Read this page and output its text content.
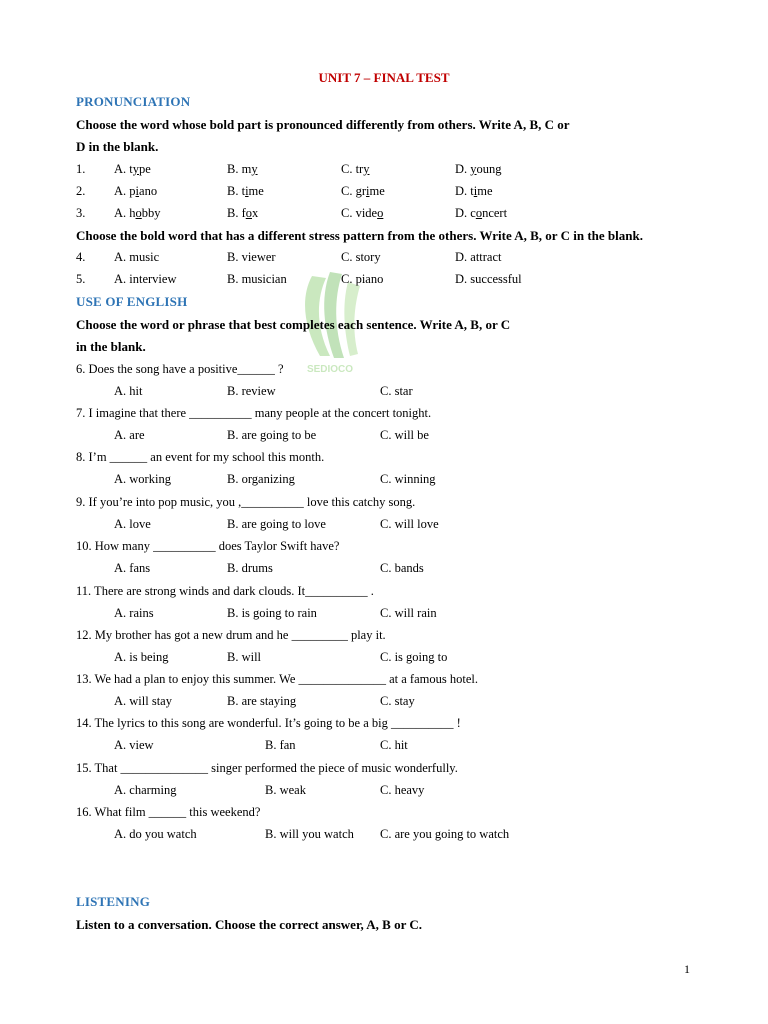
SEDIOCO
UNIT 7 – FINAL TEST
PRONUNCIATION
Choose the word whose bold part is pronounced differently from others. Write A, B, C or
D in the blank.
1. A. type	B. my	C. try	D. young
2. A. piano	B. time	C. grime	D. time
3. A. hobby	B. fox	C. video	D. concert
Choose the bold word that has a different stress pattern from the others. Write A, B, or C in the blank.
4. A. music	B. viewer	C. story	D. attract
5. A. interview	B. musician	C. piano	D. successful
USE OF ENGLISH
Choose the word or phrase that best completes each sentence. Write A, B, or C
in the blank.
6. Does the song have a positive______ ?
A. hit	B. review	C. star
7. I imagine that there __________ many people at the concert tonight.
A. are	B. are going to be	C. will be
8. I’m ______ an event for my school this month.
A. working	B. organizing	C. winning
9. If you’re into pop music, you ,__________ love this catchy song.
A. love	B. are going to love	C. will love
10. How many __________ does Taylor Swift have?
A. fans	B. drums	C. bands
11. There are strong winds and dark clouds. It__________ .
A. rains	B. is going to rain	C. will rain
12. My brother has got a new drum and he _________ play it.
A. is being	B. will	C. is going to
13. We had a plan to enjoy this summer. We ______________ at a famous hotel.
A. will stay	B. are staying	C. stay
14. The lyrics to this song are wonderful. It’s going to be a big __________ !
A. view	B. fan	C. hit
15. That ______________ singer performed the piece of music wonderfully.
A. charming	B. weak	C. heavy
16. What film ______ this weekend?
A. do you watch	B. will you watch C. are you going to watch
LISTENING
Listen to a conversation. Choose the correct answer, A, B or C.
1
